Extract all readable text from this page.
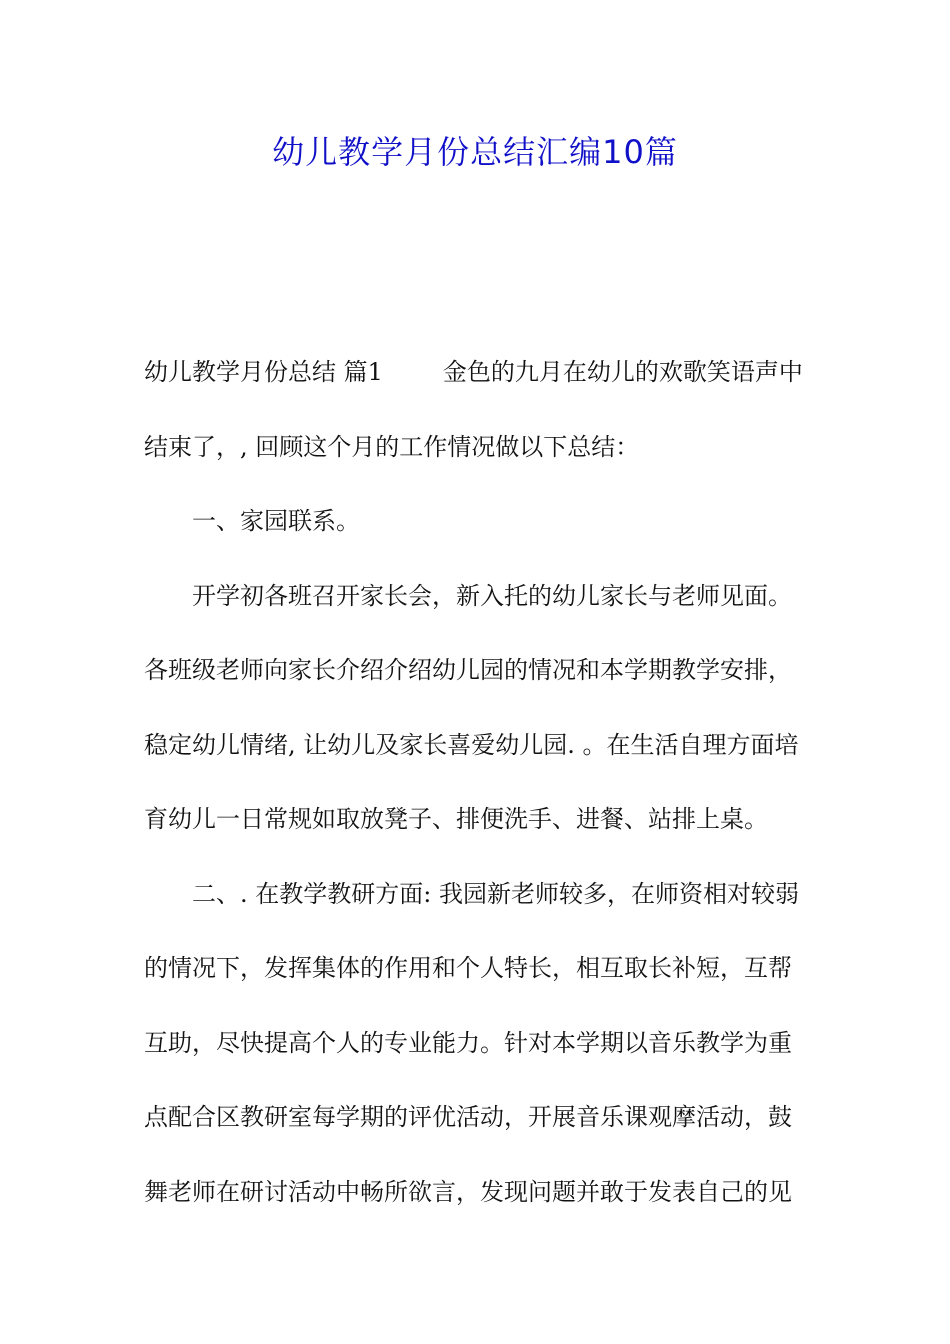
幼儿教学月份总结汇编10篇
幼儿教学月份总结 篇1	金色的九月在幼儿的欢歌笑语声中
结束了，, 回顾这个月的工作情况做以下总结：
一、家园联系。
开学初各班召开家长会，新入托的幼儿家长与老师见面。
各班级老师向家长介绍介绍幼儿园的情况和本学期教学安排，
稳定幼儿情绪, 让幼儿及家长喜爱幼儿园. 。在生活自理方面培
育幼儿一日常规如取放凳子、排便洗手、进餐、站排上桌。
二、. 在教学教研方面: 我园新老师较多，在师资相对较弱
的情况下，发挥集体的作用和个人特长，相互取长补短，互帮
互助，尽快提高个人的专业能力。针对本学期以音乐教学为重
点配合区教研室每学期的评优活动，开展音乐课观摩活动，鼓
舞老师在研讨活动中畅所欲言，发现问题并敢于发表自己的见
